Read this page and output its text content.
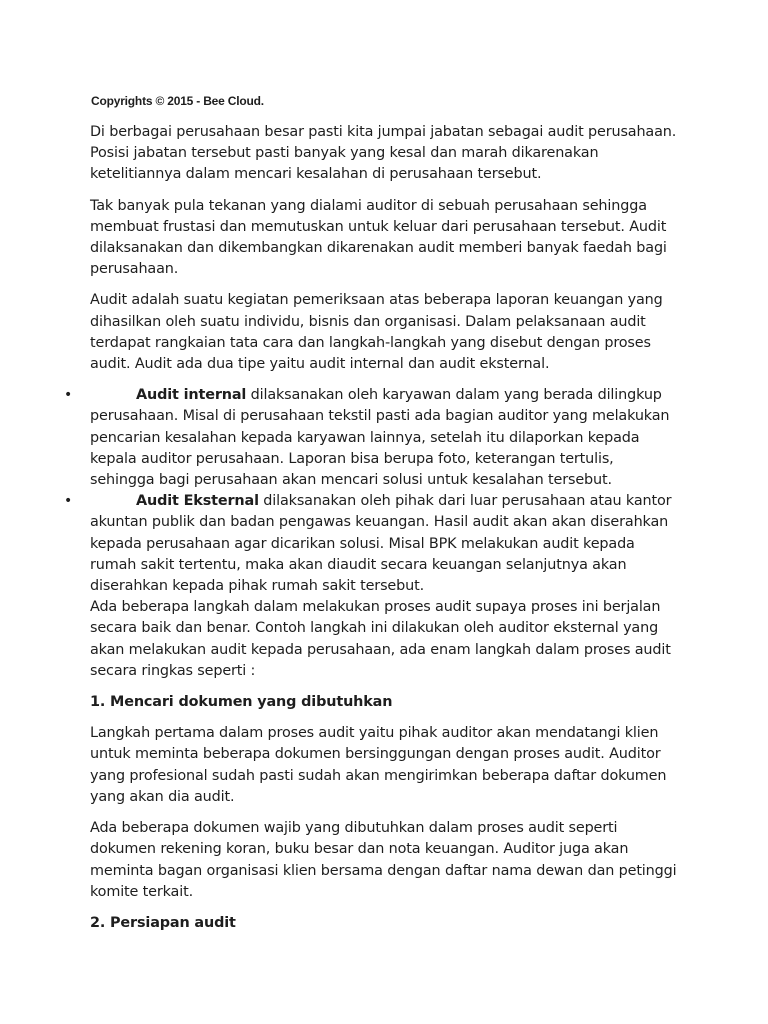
Copyrights © 2015 - Bee Cloud.

Di berbagai perusahaan besar pasti kita jumpai jabatan sebagai audit perusahaan. Posisi jabatan tersebut pasti banyak yang kesal dan marah dikarenakan ketelitiannya dalam mencari kesalahan di perusahaan tersebut.

Tak banyak pula tekanan yang dialami auditor di sebuah perusahaan sehingga membuat frustasi dan memutuskan untuk keluar dari perusahaan tersebut. Audit dilaksanakan dan dikembangkan dikarenakan audit memberi banyak faedah bagi perusahaan.

Audit adalah suatu kegiatan pemeriksaan atas beberapa laporan keuangan yang dihasilkan oleh suatu individu, bisnis dan organisasi. Dalam pelaksanaan audit terdapat rangkaian tata cara dan langkah-langkah yang disebut dengan proses audit. Audit ada dua tipe yaitu audit internal dan audit eksternal.

•	Audit internal dilaksanakan oleh karyawan dalam yang berada dilingkup perusahaan. Misal di perusahaan tekstil pasti ada bagian auditor yang melakukan pencarian kesalahan kepada karyawan lainnya, setelah itu dilaporkan kepada kepala auditor perusahaan. Laporan bisa berupa foto, keterangan tertulis, sehingga bagi perusahaan akan mencari solusi untuk kesalahan tersebut.
•	Audit Eksternal dilaksanakan oleh pihak dari luar perusahaan atau kantor akuntan publik dan badan pengawas keuangan. Hasil audit akan akan diserahkan kepada perusahaan agar dicarikan solusi. Misal BPK melakukan audit kepada rumah sakit tertentu, maka akan diaudit secara keuangan selanjutnya akan diserahkan kepada pihak rumah sakit tersebut.

Ada beberapa langkah dalam melakukan proses audit supaya proses ini berjalan secara baik dan benar. Contoh langkah ini dilakukan oleh auditor eksternal yang akan melakukan audit kepada perusahaan, ada enam langkah dalam proses audit secara ringkas seperti :

1. Mencari dokumen yang dibutuhkan

Langkah pertama dalam proses audit yaitu pihak auditor akan mendatangi klien untuk meminta beberapa dokumen bersinggungan dengan proses audit. Auditor yang profesional sudah pasti sudah akan mengirimkan beberapa daftar dokumen yang akan dia audit.

Ada beberapa dokumen wajib yang dibutuhkan dalam proses audit seperti dokumen rekening koran, buku besar dan nota keuangan. Auditor juga akan meminta bagan organisasi klien bersama dengan daftar nama dewan dan petinggi komite terkait.

2. Persiapan audit
